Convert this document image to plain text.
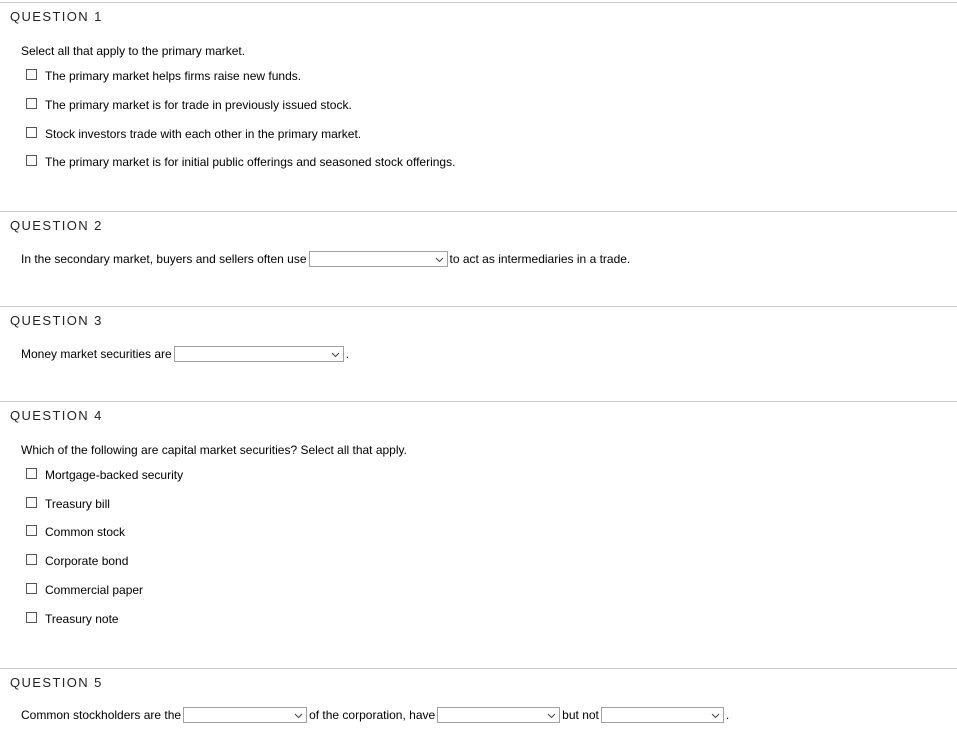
QUESTION 1
Select all that apply to the primary market.
The primary market helps firms raise new funds.
The primary market is for trade in previously issued stock.
Stock investors trade with each other in the primary market.
The primary market is for initial public offerings and seasoned stock offerings.
QUESTION 2
In the secondary market, buyers and sellers often use	to act as intermediaries in a trade.
QUESTION 3
Money market securities are	.
QUESTION 4
Which of the following are capital market securities? Select all that apply.
Mortgage-backed security
Treasury bill
Common stock
Corporate bond
Commercial paper
Treasury note
QUESTION 5
Common stockholders are the	of the corporation, have	but not	.
